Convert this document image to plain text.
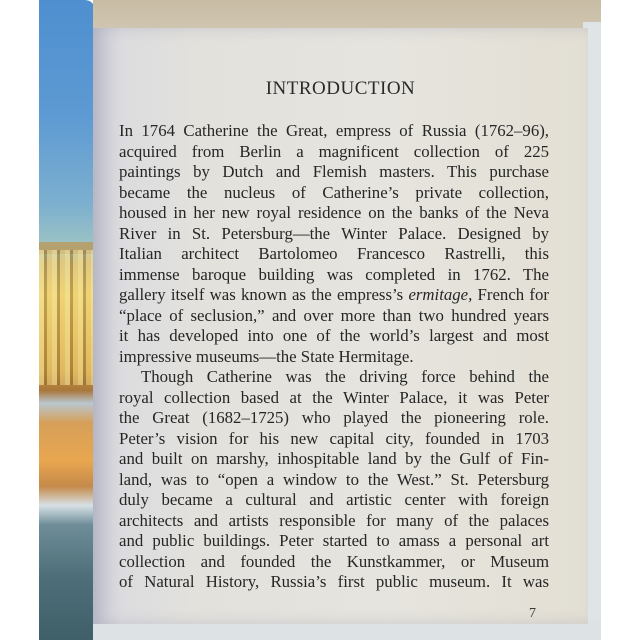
INTRODUCTION
In 1764 Catherine the Great, empress of Russia (1762–96),
acquired from Berlin a magnificent collection of 225
paintings by Dutch and Flemish masters. This purchase
became the nucleus of Catherine’s private collection,
housed in her new royal residence on the banks of the Neva
River in St. Petersburg—the Winter Palace. Designed by
Italian architect Bartolomeo Francesco Rastrelli, this
immense baroque building was completed in 1762. The
gallery itself was known as the empress’s ermitage, French for
“place of seclusion,” and over more than two hundred years
it has developed into one of the world’s largest and most
impressive museums—the State Hermitage.
Though Catherine was the driving force behind the
royal collection based at the Winter Palace, it was Peter
the Great (1682–1725) who played the pioneering role.
Peter’s vision for his new capital city, founded in 1703
and built on marshy, inhospitable land by the Gulf of Fin-
land, was to “open a window to the West.” St. Petersburg
duly became a cultural and artistic center with foreign
architects and artists responsible for many of the palaces
and public buildings. Peter started to amass a personal art
collection and founded the Kunstkammer, or Museum
of Natural History, Russia’s first public museum. It was
7
